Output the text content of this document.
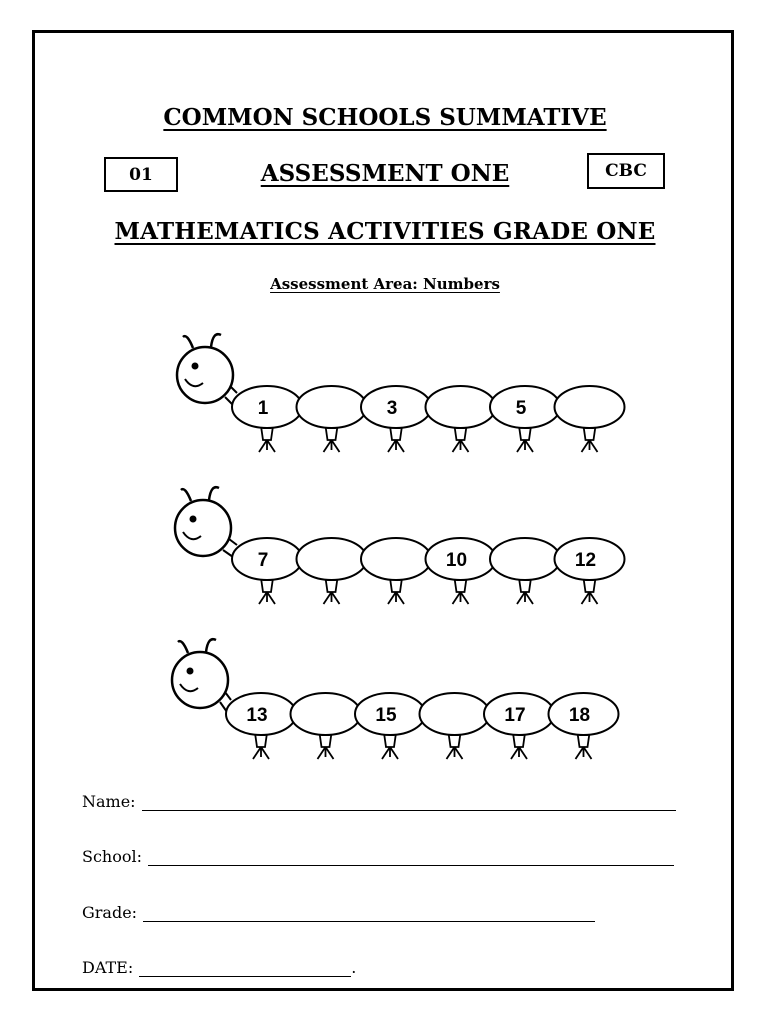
COMMON SCHOOLS SUMMATIVE
01	ASSESSMENT ONE	CBC
MATHEMATICS ACTIVITIES GRADE ONE
Assessment Area: Numbers
1	3	5
7	10	12
13	15	17 18
Name:
School:
Grade:
DATE:	.
